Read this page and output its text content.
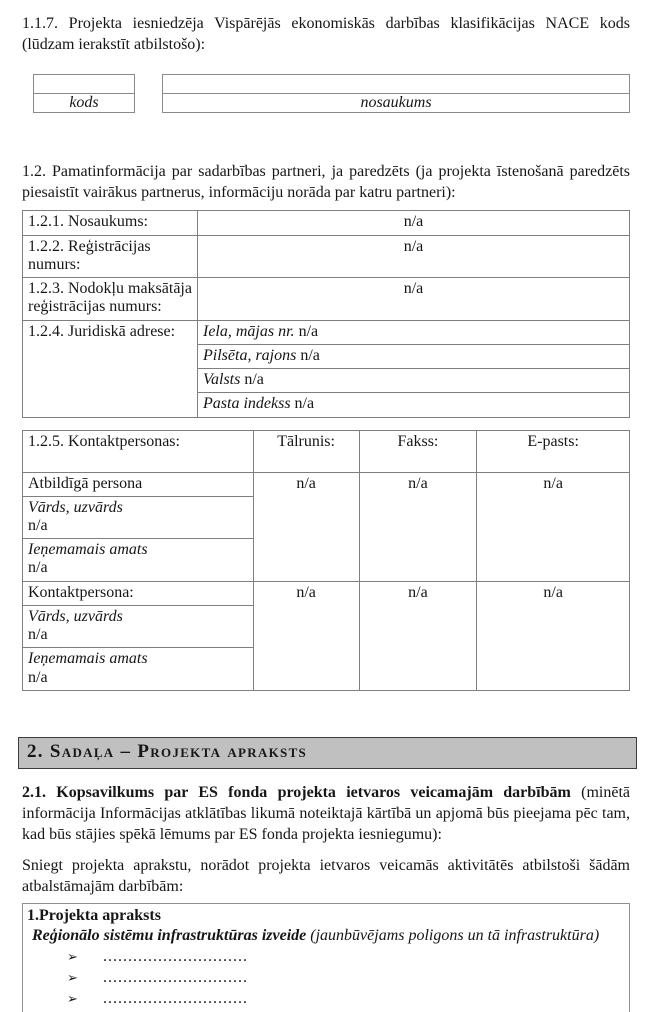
1.1.7. Projekta iesniedzēja Vispārējās ekonomiskās darbības klasifikācijas NACE kods (lūdzam ierakstīt atbilstošo):

kods	nosaukums

1.2. Pamatinformācija par sadarbības partneri, ja paredzēts (ja projekta īstenošanā paredzēts piesaistīt vairākus partnerus, informāciju norāda par katru partneri):

1.2.1. Nosaukums:	n/a
1.2.2. Reģistrācijas numurs:	n/a
1.2.3. Nodokļu maksātāja reģistrācijas numurs:	n/a
1.2.4. Juridiskā adrese:	Iela, mājas nr. n/a
	Pilsēta, rajons n/a
	Valsts n/a
	Pasta indekss n/a
1.2.5. Kontaktpersonas:	Tālrunis:	Fakss:	E-pasts:
Atbildīgā persona	n/a	n/a	n/a
Vārds, uzvārds
n/a			
Ieņemamais amats
n/a			
Kontaktpersona:	n/a	n/a	n/a
Vārds, uzvārds
n/a			
Ieņemamais amats
n/a			
2. Sadaļa – Projekta apraksts

2.1. Kopsavilkums par ES fonda projekta ietvaros veicamajām darbībām (minētā informācija Informācijas atklātības likumā noteiktajā kārtībā un apjomā būs pieejama pēc tam, kad būs stājies spēkā lēmums par ES fonda projekta iesniegumu):

Sniegt projekta aprakstu, norādot projekta ietvaros veicamās aktivitātēs atbilstoši šādām atbalstāmajām darbībām:

1.Projekta apraksts
Reģionālo sistēmu infrastruktūras izveide (jaunbūvējams poligons un tā infrastruktūra)
➢	.............................
➢	.............................
➢	.............................
